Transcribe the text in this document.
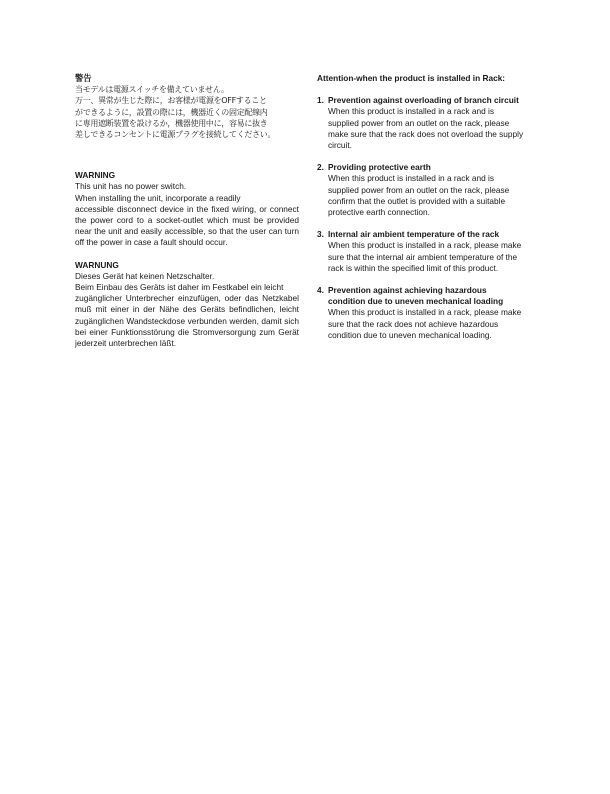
警告
当モデルは電源スイッチを備えていません。
万一、異常が生じた際に，お客様が電源をOFFすること
ができるように，設置の際には，機器近くの固定配線内
に専用遮断装置を設けるか，機器使用中に，容易に抜き
差しできるコンセントに電源プラグを接続してください。
WARNING
This unit has no power switch.
When installing the unit, incorporate a readily
accessible disconnect device in the fixed wiring, or connect the power cord to a socket-outlet which must be provided near the unit and easily accessible, so that the user can turn off the power in case a fault should occur.
WARNUNG
Dieses Gerät hat keinen Netzschalter.
Beim Einbau des Geräts ist daher im Festkabel ein leicht
zugänglicher Unterbrecher einzufügen, oder das Netzkabel muß mit einer in der Nähe des Geräts befindlichen, leicht zugänglichen Wandsteckdose verbunden werden, damit sich bei einer Funktionsstörung die Stromversorgung zum Gerät jederzeit unterbrechen läßt.
Attention-when the product is installed in Rack:
1. Prevention against overloading of branch circuit
When this product is installed in a rack and is
supplied power from an outlet on the rack, please
make sure that the rack does not overload the supply
circuit.
2. Providing protective earth
When this product is installed in a rack and is
supplied power from an outlet on the rack, please
confirm that the outlet is provided with a suitable
protective earth connection.
3. Internal air ambient temperature of the rack
When this product is installed in a rack, please make
sure that the internal air ambient temperature of the
rack is within the specified limit of this product.
4. Prevention against achieving hazardous
condition due to uneven mechanical loading
When this product is installed in a rack, please make
sure that the rack does not achieve hazardous
condition due to uneven mechanical loading.
